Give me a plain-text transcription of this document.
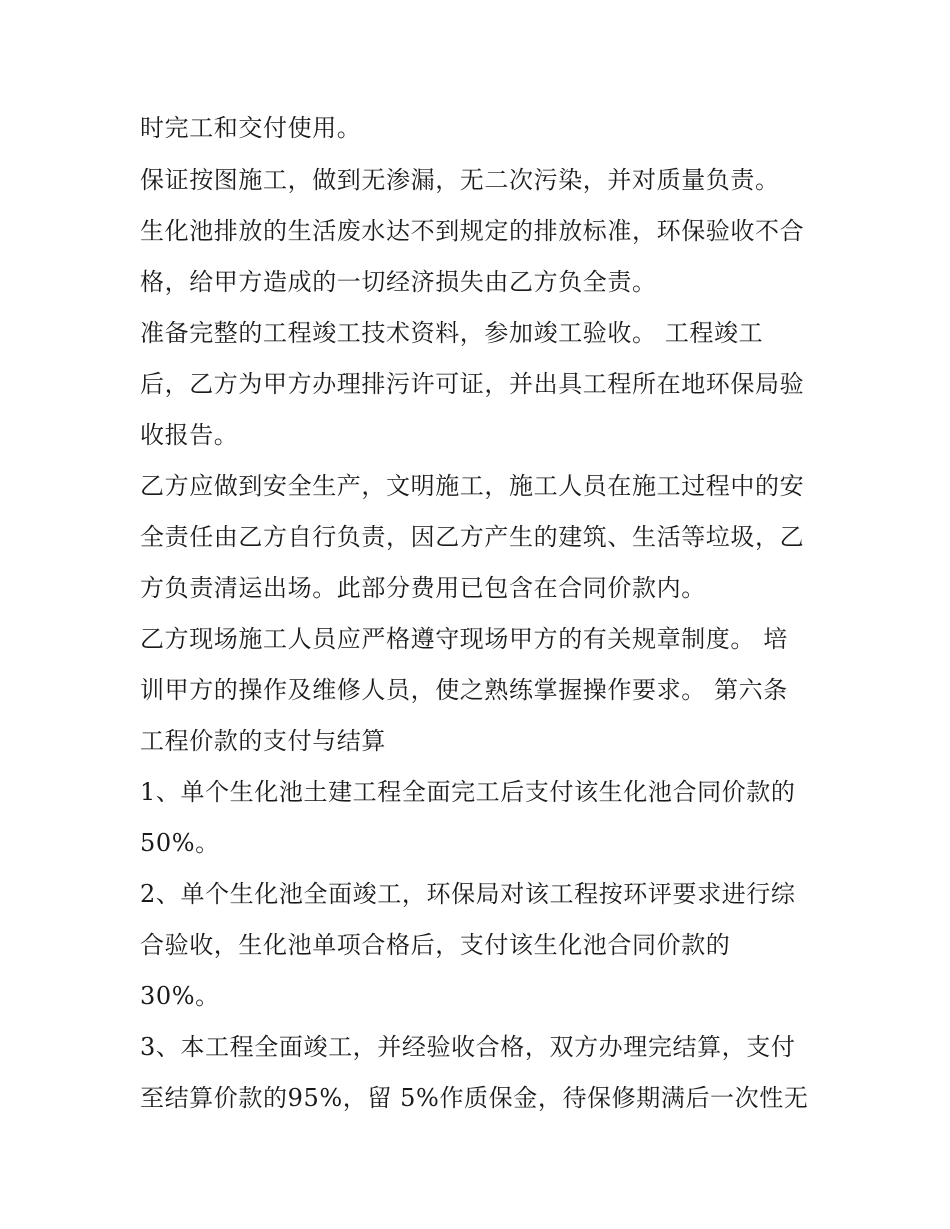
时完工和交付使用。
保证按图施工，做到无渗漏，无二次污染，并对质量负责。
生化池排放的生活废水达不到规定的排放标准，环保验收不合
格，给甲方造成的一切经济损失由乙方负全责。
准备完整的工程竣工技术资料，参加竣工验收。 工程竣工
后，乙方为甲方办理排污许可证，并出具工程所在地环保局验
收报告。
乙方应做到安全生产，文明施工，施工人员在施工过程中的安
全责任由乙方自行负责，因乙方产生的建筑、生活等垃圾，乙
方负责清运出场。此部分费用已包含在合同价款内。
乙方现场施工人员应严格遵守现场甲方的有关规章制度。 培
训甲方的操作及维修人员，使之熟练掌握操作要求。 第六条
工程价款的支付与结算
1、单个生化池土建工程全面完工后支付该生化池合同价款的
50%。
2、单个生化池全面竣工，环保局对该工程按环评要求进行综
合验收，生化池单项合格后，支付该生化池合同价款的
30%。
3、本工程全面竣工，并经验收合格，双方办理完结算，支付
至结算价款的95%，留 5%作质保金，待保修期满后一次性无
